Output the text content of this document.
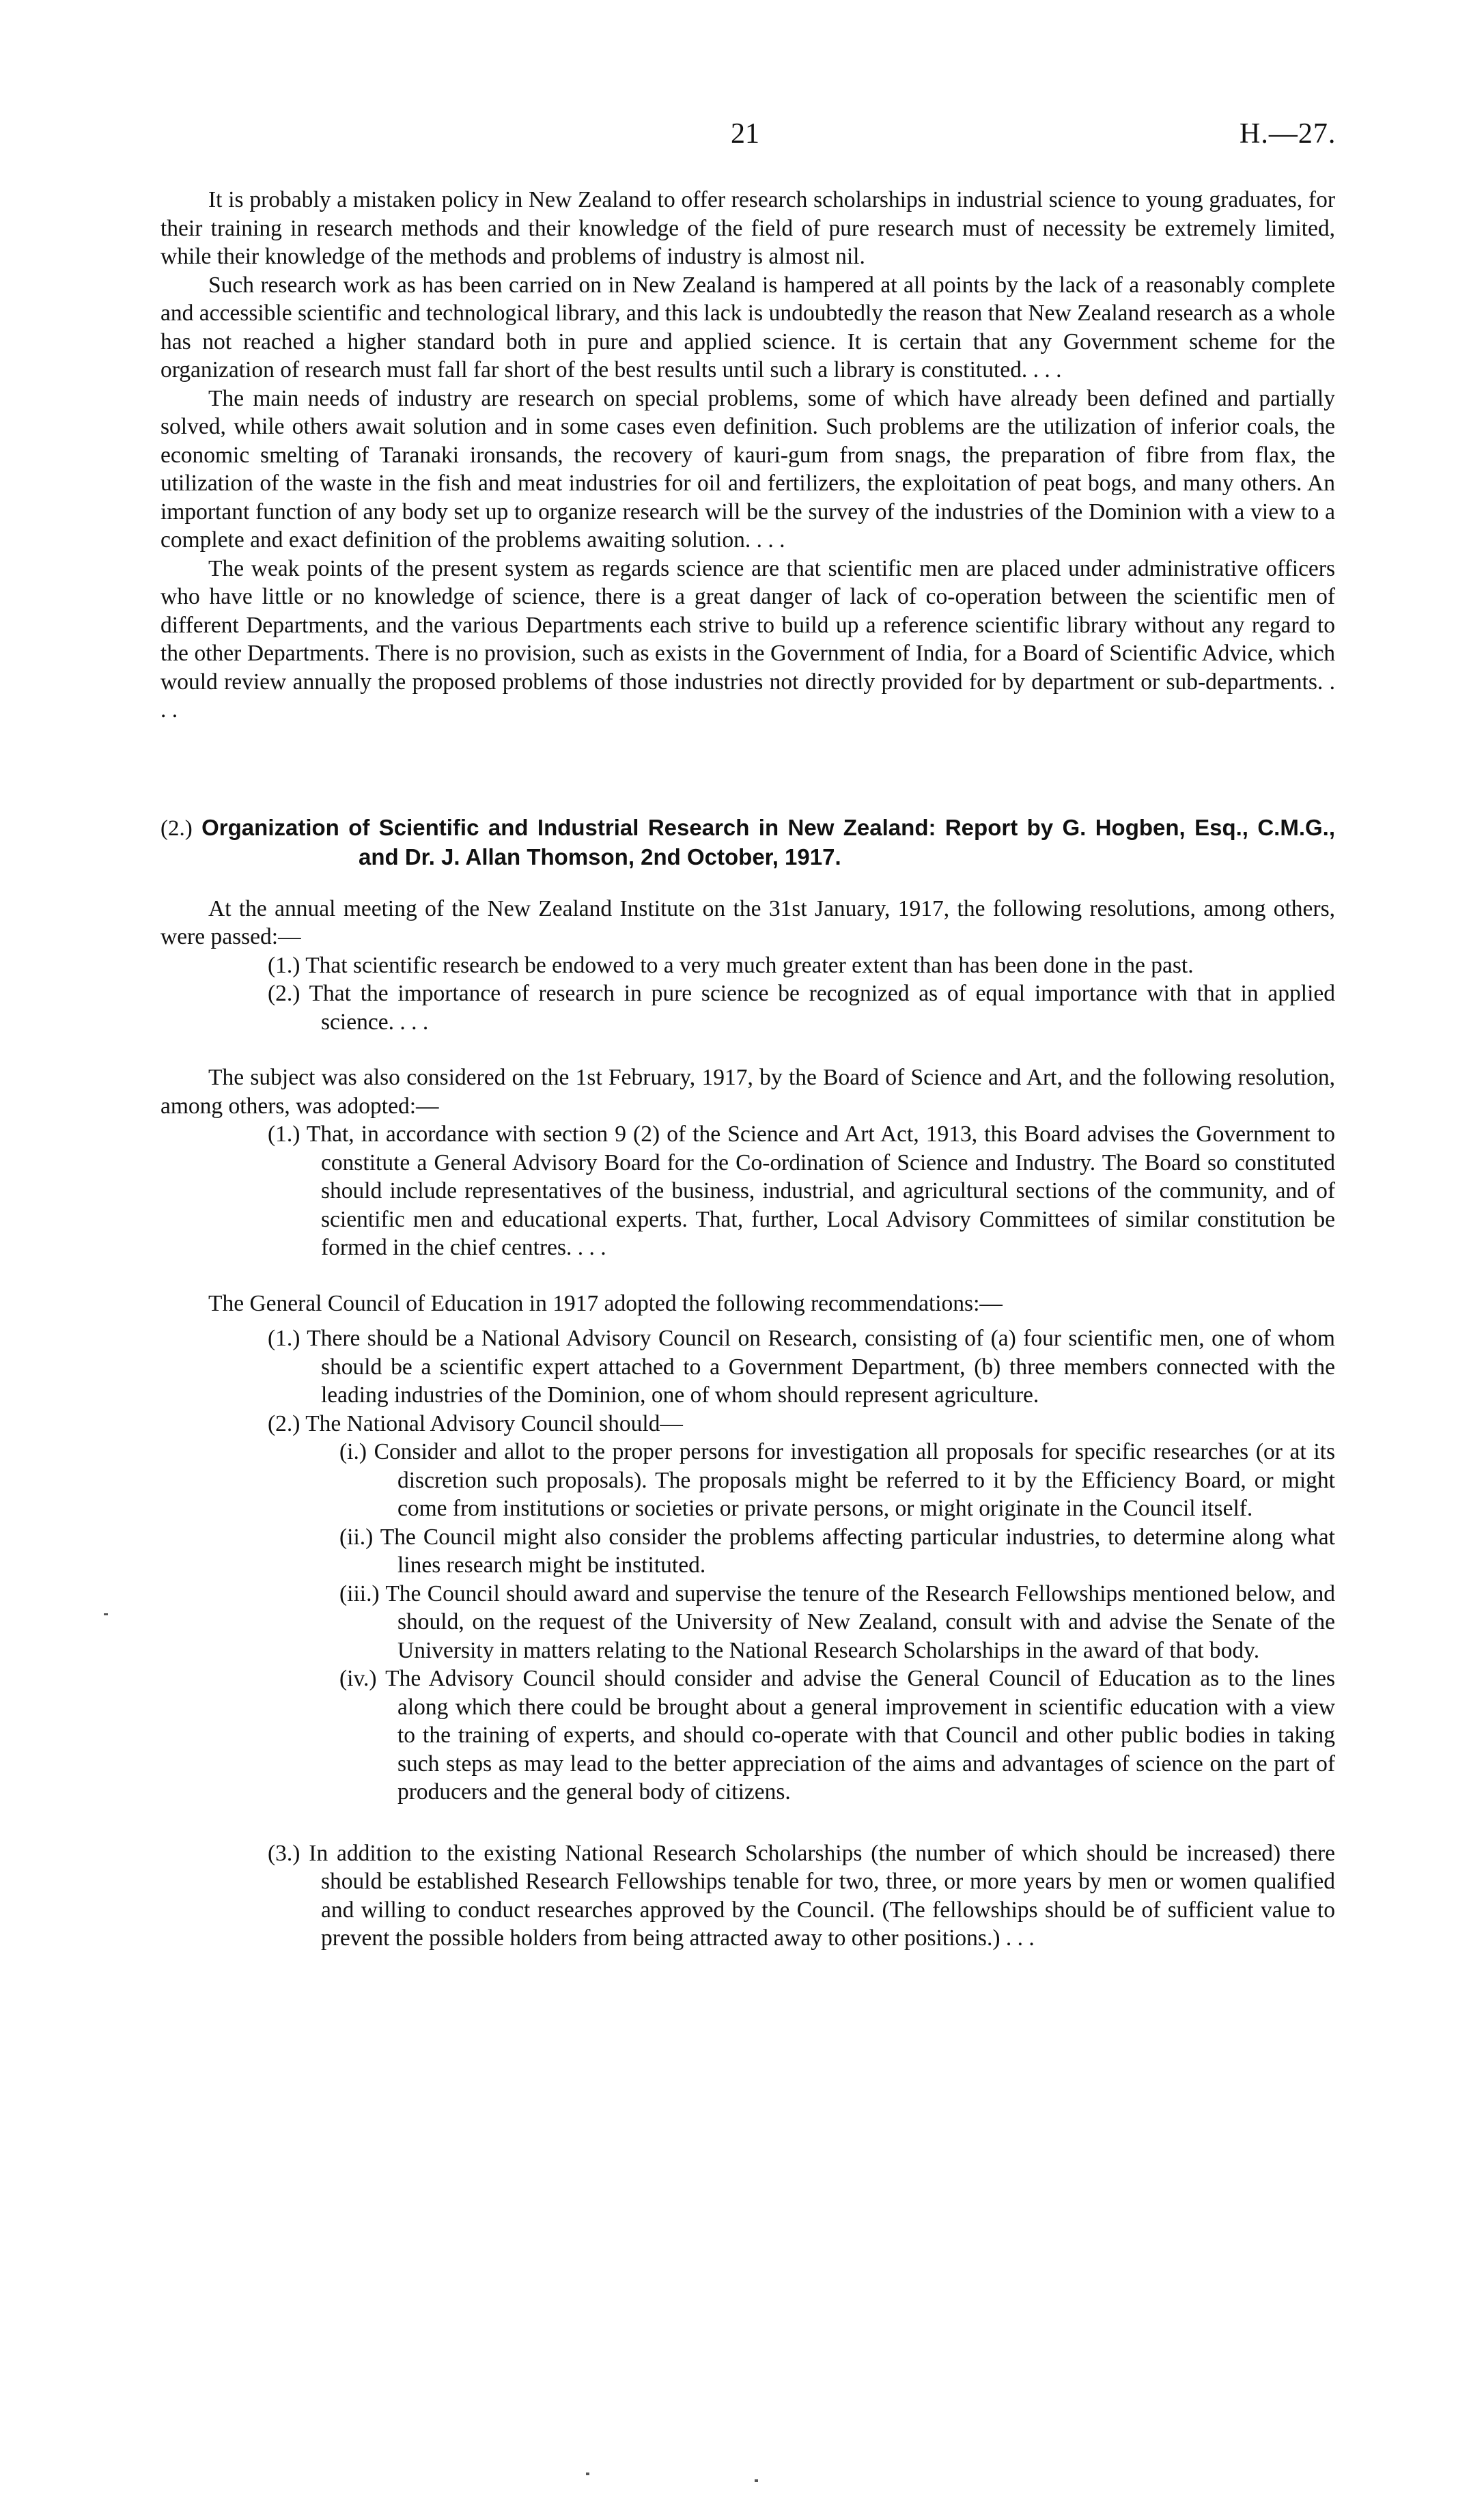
21	H.—27.

It is probably a mistaken policy in New Zealand to offer research scholarships in industrial science to young graduates, for their training in research methods and their knowledge of the field of pure research must of necessity be extremely limited, while their knowledge of the methods and problems of industry is almost nil.

Such research work as has been carried on in New Zealand is hampered at all points by the lack of a reasonably complete and accessible scientific and technological library, and this lack is undoubtedly the reason that New Zealand research as a whole has not reached a higher standard both in pure and applied science. It is certain that any Government scheme for the organization of research must fall far short of the best results until such a library is constituted. . . .

The main needs of industry are research on special problems, some of which have already been defined and partially solved, while others await solution and in some cases even definition. Such problems are the utilization of inferior coals, the economic smelting of Taranaki ironsands, the recovery of kauri-gum from snags, the preparation of fibre from flax, the utilization of the waste in the fish and meat industries for oil and fertilizers, the exploitation of peat bogs, and many others. An important function of any body set up to organize research will be the survey of the industries of the Dominion with a view to a complete and exact definition of the problems awaiting solution. . . .

The weak points of the present system as regards science are that scientific men are placed under administrative officers who have little or no knowledge of science, there is a great danger of lack of co-operation between the scientific men of different Departments, and the various Departments each strive to build up a reference scientific library without any regard to the other Departments. There is no provision, such as exists in the Government of India, for a Board of Scientific Advice, which would review annually the proposed problems of those industries not directly provided for by department or sub-departments. . . .

(2.) Organization of Scientific and Industrial Research in New Zealand: Report by G. Hogben, Esq., C.M.G., and Dr. J. Allan Thomson, 2nd October, 1917.

At the annual meeting of the New Zealand Institute on the 31st January, 1917, the following resolutions, among others, were passed:—

(1.) That scientific research be endowed to a very much greater extent than has been done in the past.

(2.) That the importance of research in pure science be recognized as of equal importance with that in applied science. . . .

The subject was also considered on the 1st February, 1917, by the Board of Science and Art, and the following resolution, among others, was adopted:—

(1.) That, in accordance with section 9 (2) of the Science and Art Act, 1913, this Board advises the Government to constitute a General Advisory Board for the Co-ordination of Science and Industry. The Board so constituted should include representatives of the business, industrial, and agricultural sections of the community, and of scientific men and educational experts. That, further, Local Advisory Committees of similar constitution be formed in the chief centres. . . .

The General Council of Education in 1917 adopted the following recommendations:—

(1.) There should be a National Advisory Council on Research, consisting of (a) four scientific men, one of whom should be a scientific expert attached to a Government Department, (b) three members connected with the leading industries of the Dominion, one of whom should represent agriculture.

(2.) The National Advisory Council should—

(i.) Consider and allot to the proper persons for investigation all proposals for specific researches (or at its discretion such proposals). The proposals might be referred to it by the Efficiency Board, or might come from institutions or societies or private persons, or might originate in the Council itself.

(ii.) The Council might also consider the problems affecting particular industries, to determine along what lines research might be instituted.

(iii.) The Council should award and supervise the tenure of the Research Fellowships mentioned below, and should, on the request of the University of New Zealand, consult with and advise the Senate of the University in matters relating to the National Research Scholarships in the award of that body.

(iv.) The Advisory Council should consider and advise the General Council of Education as to the lines along which there could be brought about a general improvement in scientific education with a view to the training of experts, and should co-operate with that Council and other public bodies in taking such steps as may lead to the better appreciation of the aims and advantages of science on the part of producers and the general body of citizens.

(3.) In addition to the existing National Research Scholarships (the number of which should be increased) there should be established Research Fellowships tenable for two, three, or more years by men or women qualified and willing to conduct researches approved by the Council. (The fellowships should be of sufficient value to prevent the possible holders from being attracted away to other positions.) . . .
